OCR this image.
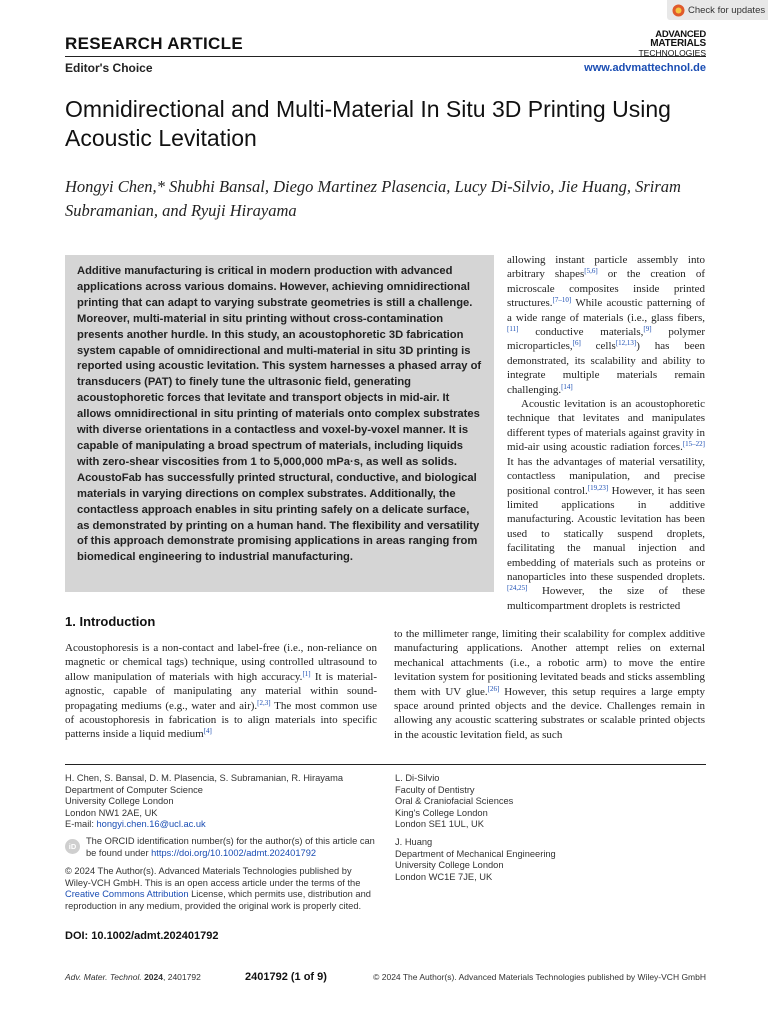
Check for updates
RESEARCH ARTICLE
Editor's Choice
ADVANCED
MATERIALS
TECHNOLOGIES
www.advmattechnol.de
Omnidirectional and Multi-Material In Situ 3D Printing Using Acoustic Levitation
Hongyi Chen,* Shubhi Bansal, Diego Martinez Plasencia, Lucy Di-Silvio, Jie Huang, Sriram Subramanian, and Ryuji Hirayama

Additive manufacturing is critical in modern production with advanced applications across various domains. However, achieving omnidirectional printing that can adapt to varying substrate geometries is still a challenge. Moreover, multi-material in situ printing without cross-contamination presents another hurdle. In this study, an acoustophoretic 3D fabrication system capable of omnidirectional and multi-material in situ 3D printing is reported using acoustic levitation. This system harnesses a phased array of transducers (PAT) to finely tune the ultrasonic field, generating acoustophoretic forces that levitate and transport objects in mid-air. It allows omnidirectional in situ printing of materials onto complex substrates with diverse orientations in a contactless and voxel-by-voxel manner. It is capable of manipulating a broad spectrum of materials, including liquids with zero-shear viscosities from 1 to 5,000,000 mPa·s, as well as solids. AcoustoFab has successfully printed structural, conductive, and biological materials in varying directions on complex substrates. Additionally, the contactless approach enables in situ printing safely on a delicate surface, as demonstrated by printing on a human hand. The flexibility and versatility of this approach demonstrate promising applications in areas ranging from biomedical engineering to industrial manufacturing.

allowing instant particle assembly into arbitrary shapes[5,6] or the creation of microscale composites inside printed structures.[7–10] While acoustic patterning of a wide range of materials (i.e., glass fibers,[11] conductive materials,[9] polymer microparticles,[6] cells[12,13]) has been demonstrated, its scalability and ability to integrate multiple materials remain challenging.[14]

Acoustic levitation is an acoustophoretic technique that levitates and manipulates different types of materials against gravity in mid-air using acoustic radiation forces.[15–22] It has the advantages of material versatility, contactless manipulation, and precise positional control.[19,23] However, it has seen limited applications in additive manufacturing. Acoustic levitation has been used to statically suspend droplets, facilitating the manual injection and embedding of materials such as proteins or nanoparticles into these suspended droplets.[24,25] However, the size of these multicompartment droplets is restricted

1. Introduction

Acoustophoresis is a non-contact and label-free (i.e., non-reliance on magnetic or chemical tags) technique, using controlled ultrasound to allow manipulation of materials with high accuracy.[1] It is material-agnostic, capable of manipulating any material within sound-propagating mediums (e.g., water and air).[2,3] The most common use of acoustophoresis in fabrication is to align materials into specific patterns inside a liquid medium[4]

to the millimeter range, limiting their scalability for complex additive manufacturing applications. Another attempt relies on external mechanical attachments (i.e., a robotic arm) to move the entire levitation system for positioning levitated beads and sticks assembling them with UV glue.[26] However, this setup requires a large empty space around printed objects and the device. Challenges remain in allowing any acoustic scattering substrates or scalable printed objects in the acoustic levitation field, as such

H. Chen, S. Bansal, D. M. Plasencia, S. Subramanian, R. Hirayama
Department of Computer Science
University College London
London NW1 2AE, UK
E-mail: hongyi.chen.16@ucl.ac.uk
iD
The ORCID identification number(s) for the author(s) of this article can be found under https://doi.org/10.1002/admt.202401792
© 2024 The Author(s). Advanced Materials Technologies published by Wiley-VCH GmbH. This is an open access article under the terms of the Creative Commons Attribution License, which permits use, distribution and reproduction in any medium, provided the original work is properly cited.
DOI: 10.1002/admt.202401792
L. Di-Silvio
Faculty of Dentistry
Oral & Craniofacial Sciences
King's College London
London SE1 1UL, UK
J. Huang
Department of Mechanical Engineering
University College London
London WC1E 7JE, UK
Adv. Mater. Technol. 2024, 2401792	2401792 (1 of 9)	© 2024 The Author(s). Advanced Materials Technologies published by Wiley-VCH GmbH
